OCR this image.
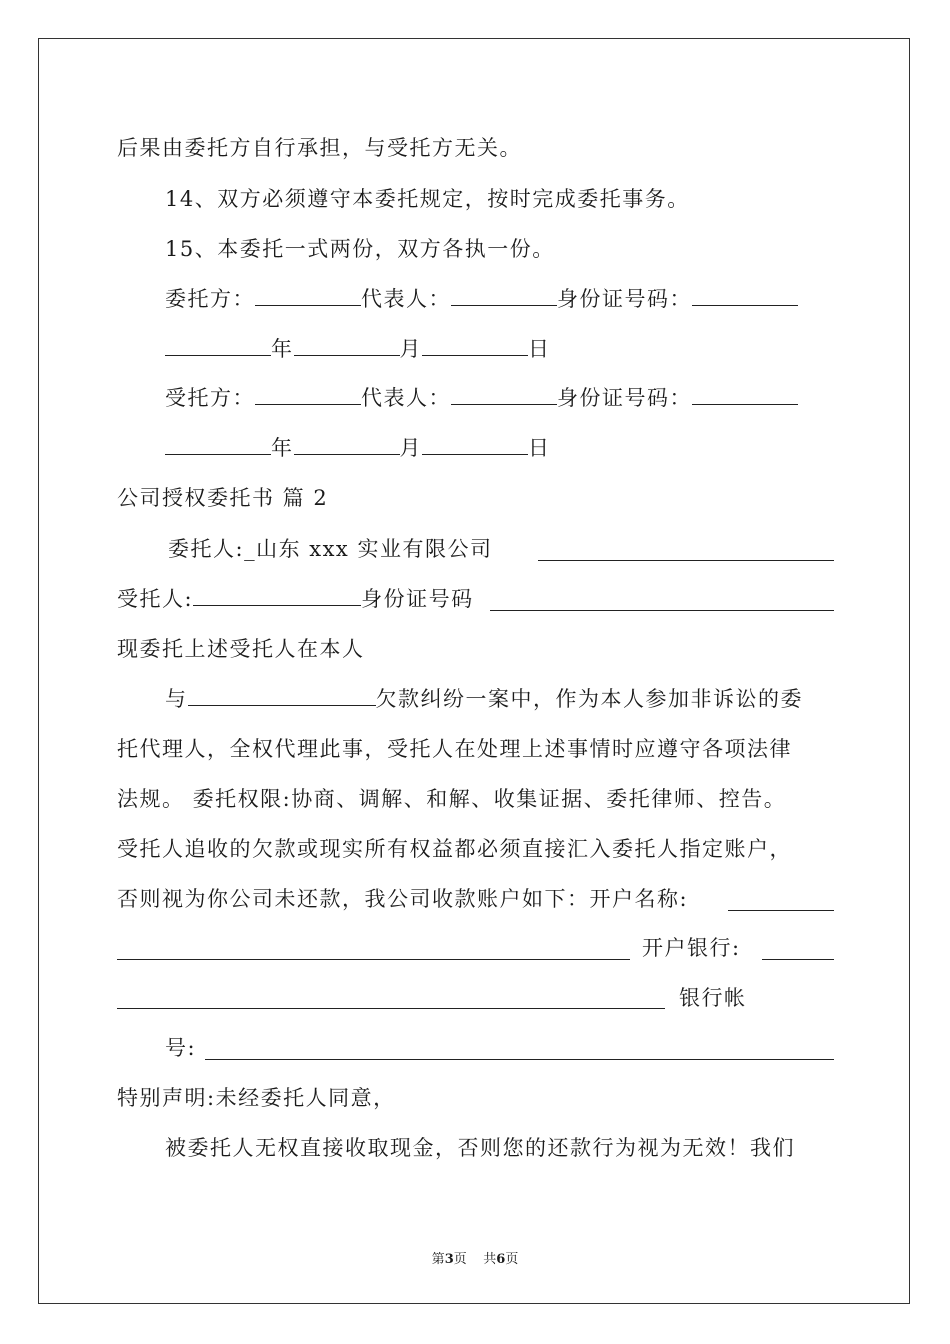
后果由委托方自行承担，与受托方无关。
14、双方必须遵守本委托规定，按时完成委托事务。
15、本委托一式两份，双方各执一份。
委托方：	代表人：	身份证号码：
年	月	日
受托方：	代表人：	身份证号码：
年	月	日
公司授权委托书 篇 2
委托人:_山东 xxx 实业有限公司
受托人:	身份证号码
现委托上述受托人在本人
与	欠款纠纷一案中，作为本人参加非诉讼的委
托代理人，全权代理此事，受托人在处理上述事情时应遵守各项法律
法规。 委托权限:协商、调解、和解、收集证据、委托律师、控告。
受托人追收的欠款或现实所有权益都必须直接汇入委托人指定账户，
否则视为你公司未还款，我公司收款账户如下：开户名称:
开户银行:
银行帐
号:
特别声明:未经委托人同意，
被委托人无权直接收取现金，否则您的还款行为视为无效！我们
第3页    共6页
